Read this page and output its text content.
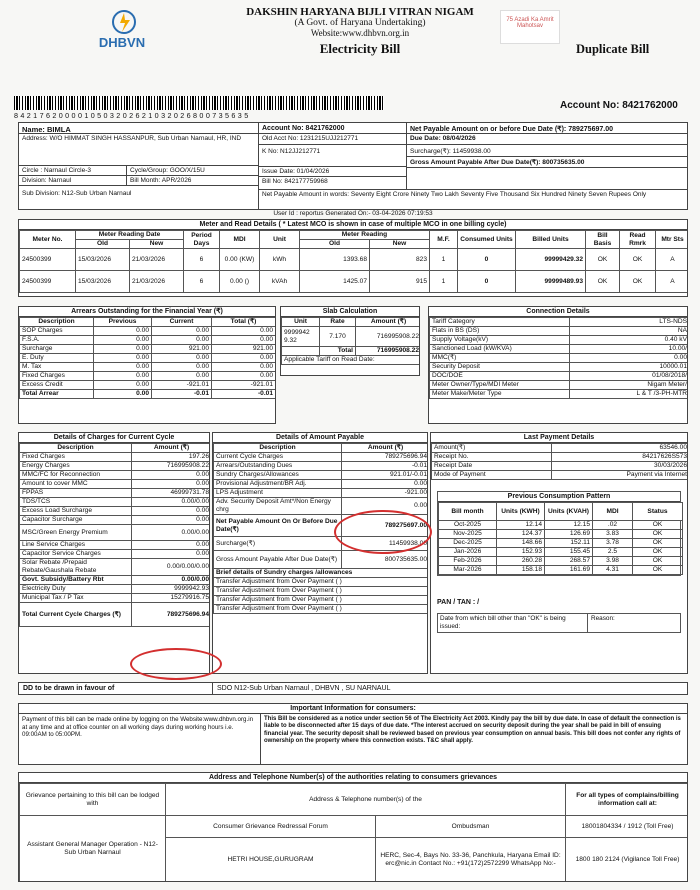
DHBVN
DAKSHIN HARYANA BIJLI VITRAN NIGAM
(A Govt. of Haryana Undertaking)
Website:www.dhbvn.org.in
Electricity Bill
75 Azadi Ka Amrit Mahotsav
Duplicate Bill
8 4 2 1 7 6 2 0 0 0 0 1 0 5 0 3 2 0 2 6 2 1 0 3 2 0 2 6 8 0 0 7 3 5 6 3 5
Account No: 8421762000
Name: BIMLA
Address: W/O HIMMAT SINGH HASSANPUR, Sub Urban Narnaul, HR, IND
Circle : Narnaul Circle-3	Cycle/Group: GOO/X/15U
Division: Narnaul	Bill Month: APR/2026
Sub Division: N12-Sub Urban Narnaul
Account No: 8421762000
Old Acct No: 1231215UJJ212771
K No: N12JJ212771
Issue Date: 01/04/2026
Bill No: 842177759968
Net Payable Amount on or before Due Date (₹): 789275697.00
Due Date: 08/04/2026
Surcharge(₹): 11459938.00
Gross Amount Payable After Due Date(₹): 800735635.00
Net Payable Amount in words: Seventy Eight Crore Ninety Two Lakh Seventy Five Thousand Six Hundred Ninety Seven Rupees Only
User Id : reportus Generated On:- 03-04-2026 07:19:53
Meter and Read Details ( * Latest MCO is shown in case of multiple MCO in one billing cycle)
Meter No.	Meter Reading Date		Period Days	MDI	Unit	Meter Reading		M.F.	Consumed Units	Billed Units	Bill Basis	Read Rmrk	Mtr Sts
	Old	New				Old	New						
24500399	15/03/2026	21/03/2026	6	0.00 (KW)	kWh	1393.68	823	1	0	99999429.32	OK	OK	A
24500399	15/03/2026	21/03/2026	6	0.00 ()	kVAh	1425.07	915	1	0	99999489.93	OK	OK	A
Arrears Outstanding for the Financial Year (₹)
Description	Previous	Current	Total (₹)
SOP Charges	0.00	0.00	0.00
F.S.A.	0.00	0.00	0.00
Surcharge	0.00	921.00	921.00
E. Duty	0.00	0.00	0.00
M. Tax	0.00	0.00	0.00
Fixed Charges	0.00	0.00	0.00
Excess Credit	0.00	-921.01	-921.01
Total Arrear	0.00	-0.01	-0.01
Slab Calculation
Unit	Rate	Amount (₹)
9999942 9.32	7.170	716995908.22
	Total	716995908.22
Applicable Tariff on Read Date:		
Connection Details
Tariff Category	LTS-NDS
Flats in BS (DS)	NA
Supply Voltage(kV)	0.40 kV
Sanctioned Load (kW/KVA)	10.00/
MMC(₹)	0.00
Security Deposit	10000.01
DOC/DOE	01/08/2018/
Meter Owner/Type/MDI Meter	Nigam Meter/
Meter Make/Meter Type	L & T /3-PH-MTR
Details of Charges for Current Cycle
Description	Amount (₹)
Fixed Charges	197.26
Energy Charges	716995908.22
MMC/FC for Reconnection	0.00
Amount to cover MMC	0.00
FPPAS	46999731.78
TDS/TCS	0.00/0.00
Excess Load Surcharge	0.00
Capacitor Surcharge	0.00
MSC/Green Energy Premium	0.00/0.00
Line Service Charges	0.00
Capacitor Service Charges	0.00
Solar Rebate /Prepaid Rebate/Gaushala Rebate	0.00/0.00/0.00
Govt. Subsidy/Battery Rbt	0.00/0.00
Electricity Duty	9999942.93
Municipal Tax / P Tax	15279916.75
Total Current Cycle Charges (₹)	789275696.94
Details of Amount Payable
Description	Amount (₹)
Current Cycle Charges	789275696.94
Arrears/Outstanding Dues	-0.01
Sundry Charges/Allowances	921.01/-0.01
Provisional Adjustment/BR Adj.	0.00
LPS Adjustment	-921.00
Adv. Security Deposit Amt*/Non Energy chrg	0.00
Net Payable Amount On Or Before Due Date(₹)	789275697.00
Surcharge(₹)	11459938.00
Gross Amount Payable After Due Date(₹)	800735635.00
Brief details of Sundry charges /allowances	
Transfer Adjustment from Over Payment ( )	
Transfer Adjustment from Over Payment ( )	
Transfer Adjustment from Over Payment ( )	
Transfer Adjustment from Over Payment ( )	
Last Payment Details
Amount(₹)	63546.00
Receipt No.	84217626S573
Receipt Date	30/03/2026
Mode of Payment	Payment via Internet
Previous Consumption Pattern
Bill month	Units (KWH)	Units (KVAH)	MDI	Status
Oct-2025	12.14	12.15	.02	OK
Nov-2025	124.37	126.69	3.83	OK
Dec-2025	148.66	152.11	3.78	OK
Jan-2026	152.93	155.45	2.5	OK
Feb-2026	260.28	268.57	3.98	OK
Mar-2026	158.18	161.69	4.31	OK
PAN / TAN : /
Date from which bill other than "OK" is being issued:
Reason:
DD to be drawn in favour of	SDO N12-Sub Urban Narnaul , DHBVN , SU NARNAUL
Important Information for consumers:
Payment of this bill can be made online by logging on the Website:www.dhbvn.org.in at any time and at office counter on all working days during working hours i.e. 09:00AM to 05:00PM.
This Bill be considered as a notice under section 56 of The Electricity Act 2003. Kindly pay the bill by due date. In case of default the connection is liable to be disconnected after 15 days of due date. *The interest accrued on security deposit during the year shall be paid in bill of ensuing financial year. The security deposit shall be reviewed based on previous year consumption on annual basis. This bill does not confer any rights of ownership on the property where this connection exists. T&C shall apply.
Address and Telephone Number(s) of the authorities relating to consumers grievances
Grievance pertaining to this bill can be lodged with	Address & Telephone number(s) of the		For all types of complains/billing information call at:
Assistant General Manager Operation - N12-Sub Urban Narnaul	Consumer Grievance Redressal Forum	Ombudsman	18001804334 / 1912 (Toll Free)
	HETRI HOUSE,GURUGRAM	HERC, Sec-4, Bays No. 33-36, Panchkula, Haryana Email ID: erc@nic.in Contact No.: +91(172)2572299 WhatsApp No:-	1800 180 2124 (Vigilance Toll Free)
